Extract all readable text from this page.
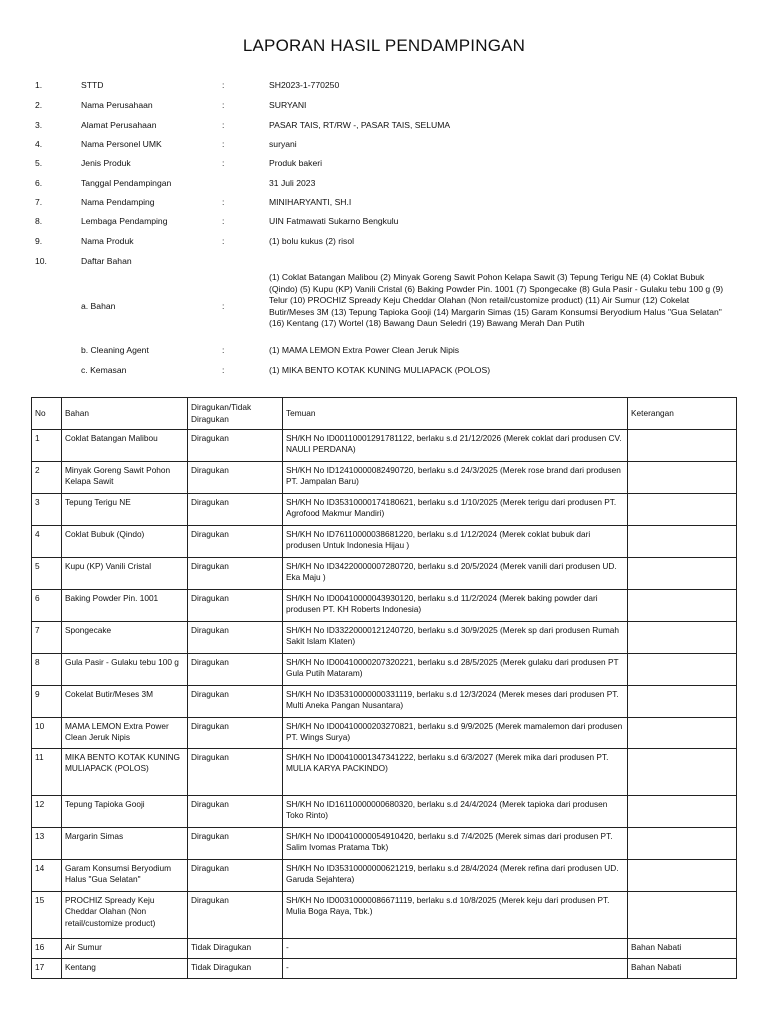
LAPORAN HASIL PENDAMPINGAN
1.	STTD	:	SH2023-1-770250
2.	Nama Perusahaan	:	SURYANI
3.	Alamat Perusahaan	:	PASAR TAIS, RT/RW -, PASAR TAIS, SELUMA
4.	Nama Personel UMK	:	suryani
5.	Jenis Produk	:	Produk bakeri
6.	Tanggal Pendampingan	31 Juli 2023
7.	Nama Pendamping	:	MINIHARYANTI, SH.I
8.	Lembaga Pendamping	:	UIN Fatmawati Sukarno Bengkulu
9.	Nama Produk	:	(1) bolu kukus (2) risol
10.	Daftar Bahan
a. Bahan	:
(1) Coklat Batangan Malibou (2) Minyak Goreng Sawit Pohon Kelapa Sawit (3) Tepung Terigu NE (4) Coklat Bubuk (Qindo) (5) Kupu (KP) Vanili Cristal (6) Baking Powder Pin. 1001 (7) Spongecake (8) Gula Pasir - Gulaku tebu 100 g (9) Telur (10) PROCHIZ Spready Keju Cheddar Olahan (Non retail/customize product) (11) Air Sumur (12) Cokelat Butir/Meses 3M (13) Tepung Tapioka Gooji (14) Margarin Simas (15) Garam Konsumsi Beryodium Halus "Gua Selatan" (16) Kentang (17) Wortel (18) Bawang Daun Seledri (19) Bawang Merah Dan Putih
b. Cleaning Agent	:	(1) MAMA LEMON Extra Power Clean Jeruk Nipis
c. Kemasan	:	(1) MIKA BENTO KOTAK KUNING MULIAPACK (POLOS)
No	Bahan	Diragukan/Tidak Diragukan	Temuan	Keterangan
1	Coklat Batangan Malibou	Diragukan	SH/KH No ID00110001291781122, berlaku s.d 21/12/2026 (Merek coklat dari produsen CV. NAULI PERDANA)	
2	Minyak Goreng Sawit Pohon Kelapa Sawit	Diragukan	SH/KH No ID12410000082490720, berlaku s.d 24/3/2025 (Merek rose brand dari produsen PT. Jampalan Baru)	
3	Tepung Terigu NE	Diragukan	SH/KH No ID35310000174180621, berlaku s.d 1/10/2025 (Merek terigu dari produsen PT. Agrofood Makmur Mandiri)	
4	Coklat Bubuk (Qindo)	Diragukan	SH/KH No ID76110000038681220, berlaku s.d 1/12/2024 (Merek coklat bubuk dari produsen Untuk Indonesia Hijau )	
5	Kupu (KP) Vanili Cristal	Diragukan	SH/KH No ID34220000007280720, berlaku s.d 20/5/2024 (Merek vanili dari produsen UD. Eka Maju )	
6	Baking Powder Pin. 1001	Diragukan	SH/KH No ID00410000043930120, berlaku s.d 11/2/2024 (Merek baking powder dari produsen PT. KH Roberts Indonesia)	
7	Spongecake	Diragukan	SH/KH No ID33220000121240720, berlaku s.d 30/9/2025 (Merek sp dari produsen Rumah Sakit Islam Klaten)	
8	Gula Pasir - Gulaku tebu 100 g	Diragukan	SH/KH No ID00410000207320221, berlaku s.d 28/5/2025 (Merek gulaku dari produsen PT Gula Putih Mataram)	
9	Cokelat Butir/Meses 3M	Diragukan	SH/KH No ID35310000000331119, berlaku s.d 12/3/2024 (Merek meses dari produsen PT. Multi Aneka Pangan Nusantara)	
10	MAMA LEMON Extra Power Clean Jeruk Nipis	Diragukan	SH/KH No ID00410000203270821, berlaku s.d 9/9/2025 (Merek mamalemon dari produsen PT. Wings Surya)	
11	MIKA BENTO KOTAK KUNING MULIAPACK (POLOS)	Diragukan	SH/KH No ID00410001347341222, berlaku s.d 6/3/2027 (Merek mika dari produsen PT. MULIA KARYA PACKINDO)	
12	Tepung Tapioka Gooji	Diragukan	SH/KH No ID16110000000680320, berlaku s.d 24/4/2024 (Merek tapioka dari produsen Toko Rinto)	
13	Margarin Simas	Diragukan	SH/KH No ID00410000054910420, berlaku s.d 7/4/2025 (Merek simas dari produsen PT. Salim Ivomas Pratama Tbk)	
14	Garam Konsumsi Beryodium Halus "Gua Selatan"	Diragukan	SH/KH No ID35310000000621219, berlaku s.d 28/4/2024 (Merek refina dari produsen UD. Garuda Sejahtera)	
15	PROCHIZ Spready Keju Cheddar Olahan (Non retail/customize product)	Diragukan	SH/KH No ID00310000086671119, berlaku s.d 10/8/2025 (Merek keju dari produsen PT. Mulia Boga Raya, Tbk.)	
16	Air Sumur	Tidak Diragukan	-	Bahan Nabati
17	Kentang	Tidak Diragukan	-	Bahan Nabati
